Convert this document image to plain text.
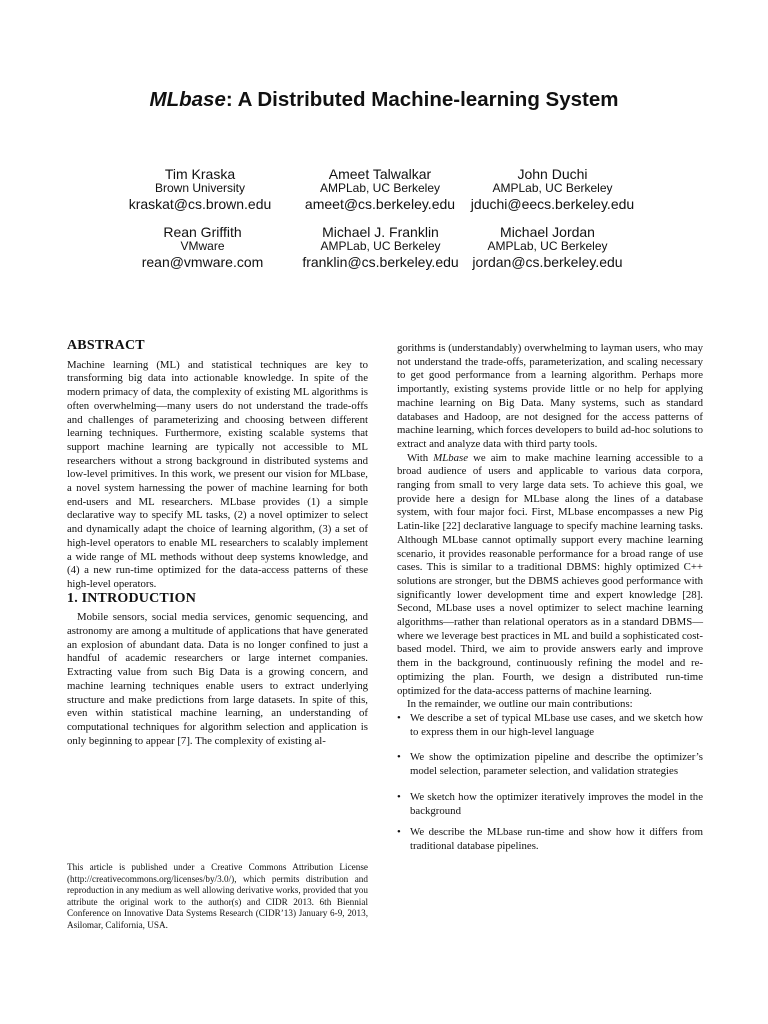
MLbase: A Distributed Machine-learning System
Tim Kraska
Brown University
kraskat@cs.brown.edu
Ameet Talwalkar
AMPLab, UC Berkeley
ameet@cs.berkeley.edu
John Duchi
AMPLab, UC Berkeley
jduchi@eecs.berkeley.edu
Rean Griffith
VMware
rean@vmware.com
Michael J. Franklin
AMPLab, UC Berkeley
franklin@cs.berkeley.edu
Michael Jordan
AMPLab, UC Berkeley
jordan@cs.berkeley.edu
ABSTRACT

Machine learning (ML) and statistical techniques are key to transforming big data into actionable knowledge. In spite of the modern primacy of data, the complexity of existing ML algorithms is often overwhelming—many users do not understand the trade-offs and challenges of parameterizing and choosing between different learning techniques. Furthermore, existing scalable systems that support machine learning are typically not accessible to ML researchers without a strong background in distributed systems and low-level primitives. In this work, we present our vision for MLbase, a novel system harnessing the power of machine learning for both end-users and ML researchers. MLbase provides (1) a simple declarative way to specify ML tasks, (2) a novel optimizer to select and dynamically adapt the choice of learning algorithm, (3) a set of high-level operators to enable ML researchers to scalably implement a wide range of ML methods without deep systems knowledge, and (4) a new run-time optimized for the data-access patterns of these high-level operators.

1. INTRODUCTION

Mobile sensors, social media services, genomic sequencing, and astronomy are among a multitude of applications that have generated an explosion of abundant data. Data is no longer confined to just a handful of academic researchers or large internet companies. Extracting value from such Big Data is a growing concern, and machine learning techniques enable users to extract underlying structure and make predictions from large datasets. In spite of this, even within statistical machine learning, an understanding of computational techniques for algorithm selection and application is only beginning to appear [7]. The complexity of existing al-

This article is published under a Creative Commons Attribution License (http://creativecommons.org/licenses/by/3.0/), which permits distribution and reproduction in any medium as well allowing derivative works, provided that you attribute the original work to the author(s) and CIDR 2013. 6th Biennial Conference on Innovative Data Systems Research (CIDR’13) January 6-9, 2013, Asilomar, California, USA.

gorithms is (understandably) overwhelming to layman users, who may not understand the trade-offs, parameterization, and scaling necessary to get good performance from a learning algorithm. Perhaps more importantly, existing systems provide little or no help for applying machine learning on Big Data. Many systems, such as standard databases and Hadoop, are not designed for the access patterns of machine learning, which forces developers to build ad-hoc solutions to extract and analyze data with third party tools.

With MLbase we aim to make machine learning accessible to a broad audience of users and applicable to various data corpora, ranging from small to very large data sets. To achieve this goal, we provide here a design for MLbase along the lines of a database system, with four major foci. First, MLbase encompasses a new Pig Latin-like [22] declarative language to specify machine learning tasks. Although MLbase cannot optimally support every machine learning scenario, it provides reasonable performance for a broad range of use cases. This is similar to a traditional DBMS: highly optimized C++ solutions are stronger, but the DBMS achieves good performance with significantly lower development time and expert knowledge [28]. Second, MLbase uses a novel optimizer to select machine learning algorithms—rather than relational operators as in a standard DBMS—where we leverage best practices in ML and build a sophisticated cost-based model. Third, we aim to provide answers early and improve them in the background, continuously refining the model and re-optimizing the plan. Fourth, we design a distributed run-time optimized for the data-access patterns of machine learning.

In the remainder, we outline our main contributions:

• We describe a set of typical MLbase use cases, and we sketch how to express them in our high-level language
• We show the optimization pipeline and describe the optimizer’s model selection, parameter selection, and validation strategies
• We sketch how the optimizer iteratively improves the model in the background
• We describe the MLbase run-time and show how it differs from traditional database pipelines.
